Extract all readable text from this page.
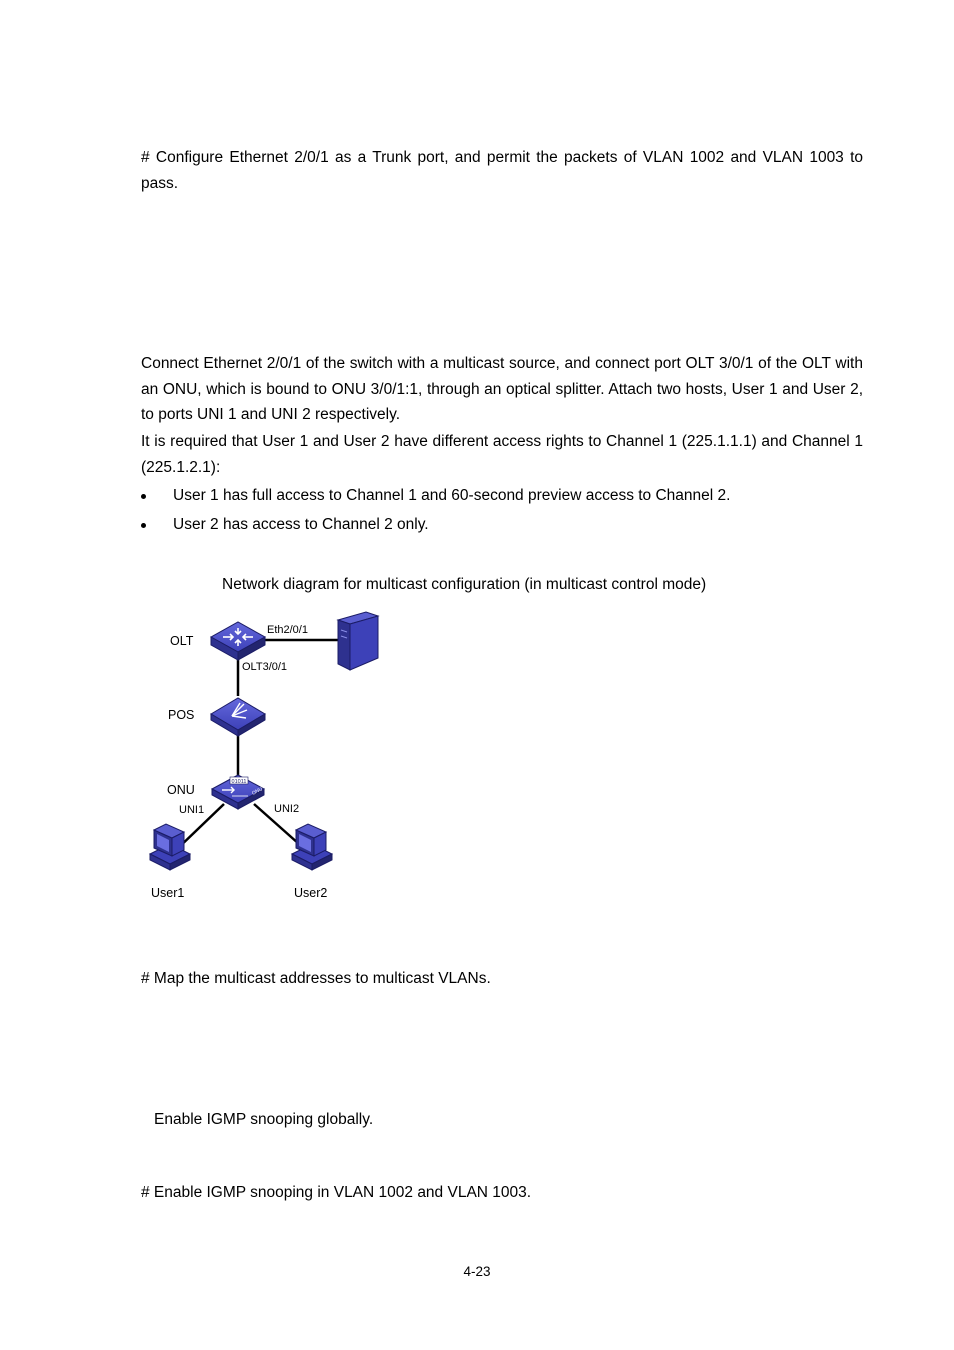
# Configure Ethernet 2/0/1 as a Trunk port, and permit the packets of VLAN 1002 and VLAN 1003 to pass.

Connect Ethernet 2/0/1 of the switch with a multicast source, and connect port OLT 3/0/1 of the OLT with an ONU, which is bound to ONU 3/0/1:1, through an optical splitter. Attach two hosts, User 1 and User 2, to ports UNI 1 and UNI 2 respectively.

It is required that User 1 and User 2 have different access rights to Channel 1 (225.1.1.1) and Channel 1 (225.1.2.1):

User 1 has full access to Channel 1 and 60-second preview access to Channel 2.
User 2 has access to Channel 2 only.
Network diagram for multicast configuration (in multicast control mode)
01011
ONU
OLT
Eth2/0/1
OLT3/0/1
POS
ONU
UNI1	UNI2
User1	User2

# Map the multicast addresses to multicast VLANs.

Enable IGMP snooping globally.

# Enable IGMP snooping in VLAN 1002 and VLAN 1003.

4-23
